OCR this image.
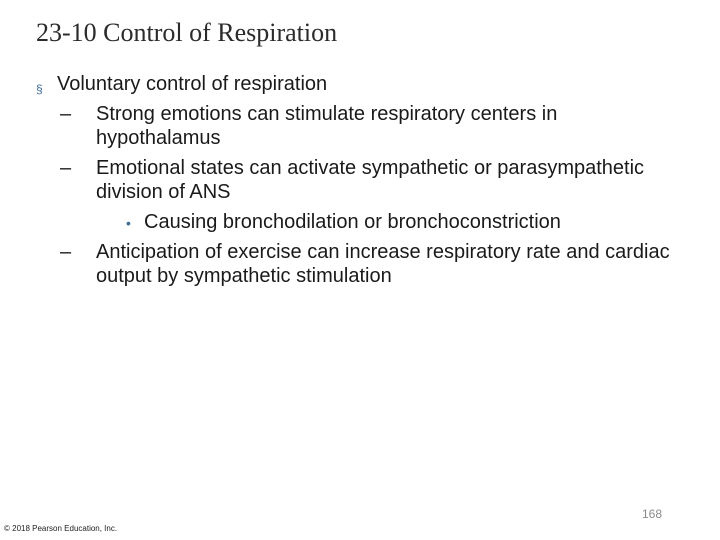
23-10 Control of Respiration
§ Voluntary control of respiration
– Strong emotions can stimulate respiratory centers in hypothalamus
– Emotional states can activate sympathetic or parasympathetic division of ANS
• Causing bronchodilation or bronchoconstriction
– Anticipation of exercise can increase respiratory rate and cardiac output by sympathetic stimulation
168
© 2018 Pearson Education, Inc.
